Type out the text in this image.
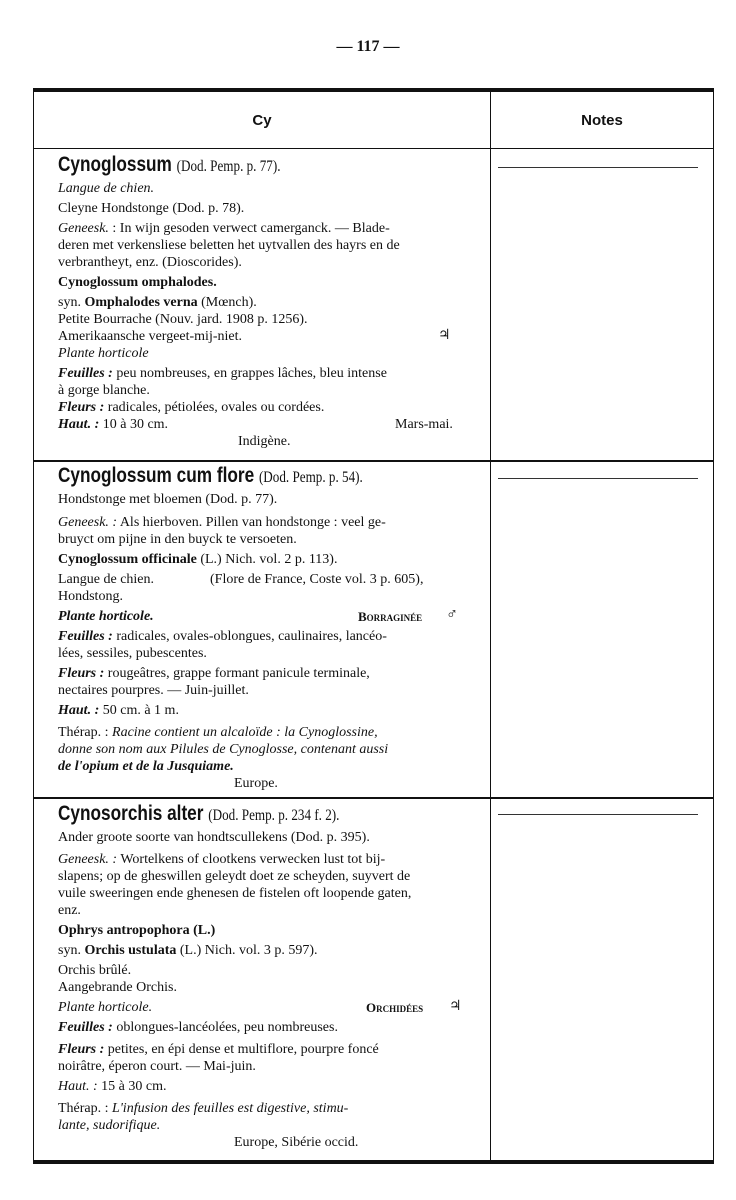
— 117 —
Cy	Notes
Cynoglossum (Dod. Pemp. p. 77).
Langue de chien.
Cleyne Hondstonge (Dod. p. 78).
Geneesk. : In wijn gesoden verwect camerganck. — Blade-
deren met verkensliese beletten het uytvallen des hayrs en de
verbrantheyt, enz. (Dioscorides).
Cynoglossum omphalodes.
syn. Omphalodes verna (Mœnch).
Petite Bourrache (Nouv. jard. 1908 p. 1256).
Amerikaansche vergeet-mij-niet.	♃
Plante horticole
Feuilles : peu nombreuses, en grappes lâches, bleu intense
à gorge blanche.
Fleurs : radicales, pétiolées, ovales ou cordées.
Haut. : 10 à 30 cm.	Mars-mai.
Indigène.
Cynoglossum cum flore (Dod. Pemp. p. 54).
Hondstonge met bloemen (Dod. p. 77).
Geneesk. : Als hierboven. Pillen van hondstonge : veel ge-
bruyct om pijne in den buyck te versoeten.
Cynoglossum officinale (L.) Nich. vol. 2 p. 113).
Langue de chien.	(Flore de France, Coste vol. 3 p. 605),
Hondstong.
Plante horticole.	Borraginée ♂
Feuilles : radicales, ovales-oblongues, caulinaires, lancéo-
lées, sessiles, pubescentes.
Fleurs : rougeâtres, grappe formant panicule terminale,
nectaires pourpres. — Juin-juillet.
Haut. : 50 cm. à 1 m.
Thérap. : Racine contient un alcaloïde : la Cynoglossine,
donne son nom aux Pilules de Cynoglosse, contenant aussi
de l'opium et de la Jusquiame.
Europe.
Cynosorchis alter (Dod. Pemp. p. 234 f. 2).
Ander groote soorte van hondtscullekens (Dod. p. 395).
Geneesk. : Wortelkens of clootkens verwecken lust tot bij-
slapens; op de gheswillen geleydt doet ze scheyden, suyvert de
vuile sweeringen ende ghenesen de fistelen oft loopende gaten,
enz.
Ophrys antropophora (L.)
syn. Orchis ustulata (L.) Nich. vol. 3 p. 597).
Orchis brûlé.
Aangebrande Orchis.
Plante horticole.	Orchidées ♃
Feuilles : oblongues-lancéolées, peu nombreuses.
Fleurs : petites, en épi dense et multiflore, pourpre foncé
noirâtre, éperon court. — Mai-juin.
Haut. : 15 à 30 cm.
Thérap. : L'infusion des feuilles est digestive, stimu-
lante, sudorifique.
Europe, Sibérie occid.
